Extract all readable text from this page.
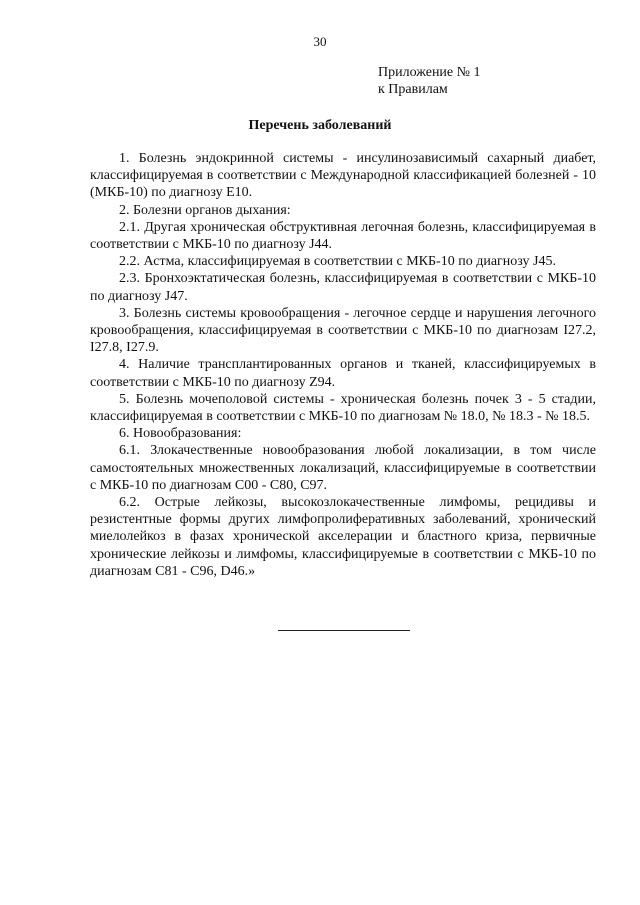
30
Приложение № 1
к Правилам
Перечень заболеваний

1. Болезнь эндокринной системы - инсулинозависимый сахарный диабет, классифицируемая в соответствии с Международной классификацией болезней - 10 (МКБ-10) по диагнозу E10.

2. Болезни органов дыхания:

2.1. Другая хроническая обструктивная легочная болезнь, классифицируемая в соответствии с МКБ-10 по диагнозу J44.

2.2. Астма, классифицируемая в соответствии с МКБ-10 по диагнозу J45.

2.3. Бронхоэктатическая болезнь, классифицируемая в соответствии с МКБ-10 по диагнозу J47.

3. Болезнь системы кровообращения - легочное сердце и нарушения легочного кровообращения, классифицируемая в соответствии с МКБ-10 по диагнозам I27.2, I27.8, I27.9.

4. Наличие трансплантированных органов и тканей, классифицируемых в соответствии с МКБ-10 по диагнозу Z94.

5. Болезнь мочеполовой системы - хроническая болезнь почек 3 - 5 стадии, классифицируемая в соответствии с МКБ-10 по диагнозам № 18.0, № 18.3 - № 18.5.

6. Новообразования:

6.1. Злокачественные новообразования любой локализации, в том числе самостоятельных множественных локализаций, классифицируемые в соответствии с МКБ-10 по диагнозам C00 - C80, C97.

6.2. Острые лейкозы, высокозлокачественные лимфомы, рецидивы и резистентные формы других лимфопролиферативных заболеваний, хронический миелолейкоз в фазах хронической акселерации и бластного криза, первичные хронические лейкозы и лимфомы, классифицируемые в соответствии с МКБ-10 по диагнозам C81 - C96, D46.»
